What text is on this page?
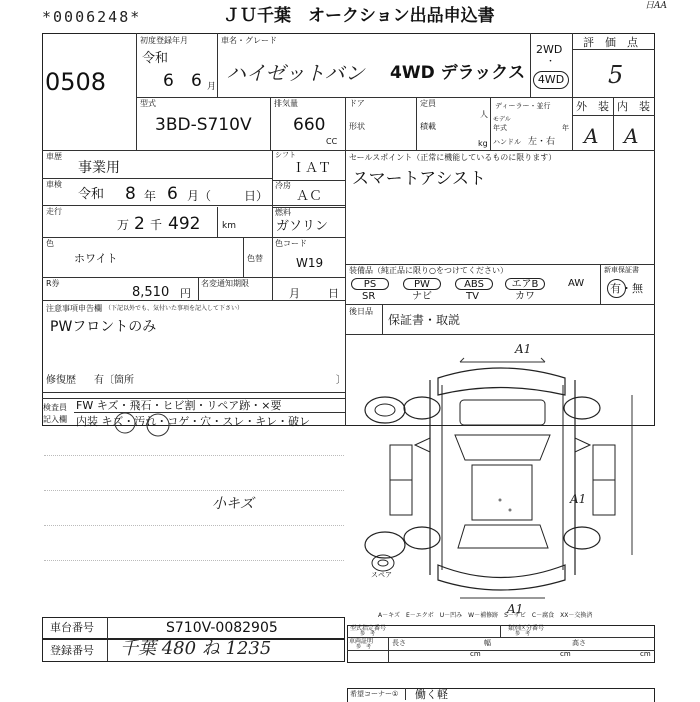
*0006248*	ＪＵ千葉　オークション出品申込書	日AA
0508
初度登録年月
令和
6 6 月
車名・グレード
ハイゼットバン 4WD デラックス
2WD
・
4WD
評　価　点
5
型式
3BD-S710V
排気量
660
CC
ドア
形状
定員
人
積載
kg
ディーラー・並行
モデル
年式	年
ハンドル 左・右
外　装 内　装
A A
車歴
事業用
車検
令和 8 年 6 月（	日）
走行
万 2 千 492 km
シフト
ＩＡＴ
冷房
ＡＣ
燃料
ガソリン
色
ホワイト	色替
色コード
W19
R券
8,510 円
名変通知期限
月	日
注意事項申告欄 （下記以外でも、気付いた事項を記入して下さい）
PWフロントのみ
修復歴 有〔箇所	〕
セールスポイント（正常に機能しているものに限ります）
スマートアシスト
装備品（純正品に限り○をつけてください）	新車保証書
有・無
PS	PW	ABS	エアB	AW
SR	ナビ	TV	カワ
後日品
保証書・取説
検査員
記入欄
FW キズ・飛石・ヒビ割・リペア跡・×要
内装 キズ・汚れ・コゲ・穴・スレ・キレ・破レ
小キズ
A1
A1
A1
スペア
A－キズ　E－エクボ　U－凹み　W－補修跡　S－サビ　C－腐食　XX－交換済
車台番号	S710V-0082905
登録番号 千葉 480 ね 1235
型式指定番号
参　考
類別区分番号
参　考
車両証明
参　考	長さ
cm
幅
cm
高さ
cm
希望コーナー① 働く軽
